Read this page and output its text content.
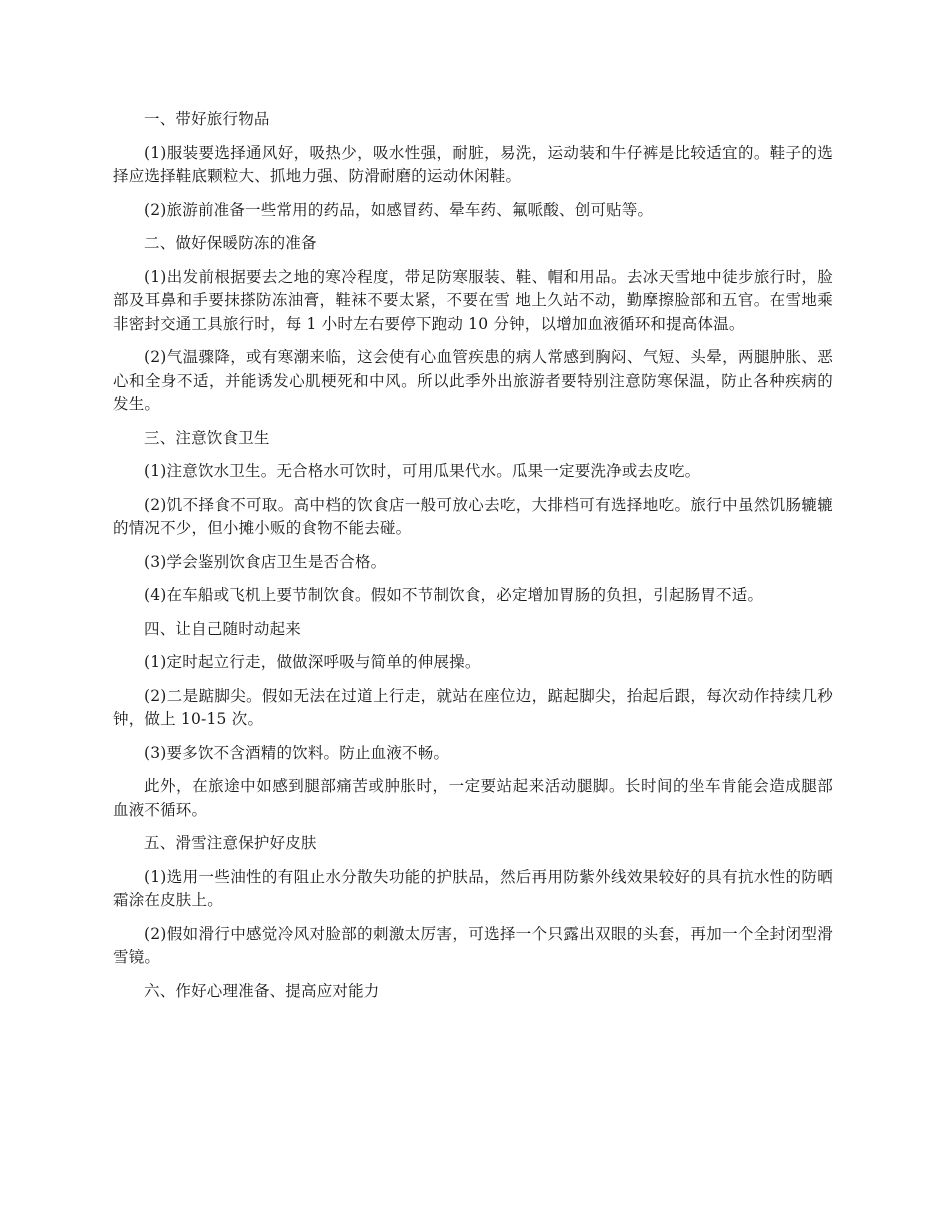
一、带好旅行物品

(1)服装要选择通风好，吸热少，吸水性强，耐脏，易洗，运动装和牛仔裤是比较适宜的。鞋子的选择应选择鞋底颗粒大、抓地力强、防滑耐磨的运动休闲鞋。

(2)旅游前准备一些常用的药品，如感冒药、晕车药、氟哌酸、创可贴等。

二、做好保暖防冻的准备

(1)出发前根据要去之地的寒冷程度，带足防寒服装、鞋、帽和用品。去冰天雪地中徒步旅行时，脸部及耳鼻和手要抹搽防冻油膏，鞋袜不要太紧，不要在雪 地上久站不动，勤摩擦脸部和五官。在雪地乘非密封交通工具旅行时，每 1 小时左右要停下跑动 10 分钟，以增加血液循环和提高体温。

(2)气温骤降，或有寒潮来临，这会使有心血管疾患的病人常感到胸闷、气短、头晕，两腿肿胀、恶心和全身不适，并能诱发心肌梗死和中风。所以此季外出旅游者要特别注意防寒保温，防止各种疾病的发生。

三、注意饮食卫生

(1)注意饮水卫生。无合格水可饮时，可用瓜果代水。瓜果一定要洗净或去皮吃。

(2)饥不择食不可取。高中档的饮食店一般可放心去吃，大排档可有选择地吃。旅行中虽然饥肠辘辘的情况不少，但小摊小贩的食物不能去碰。

(3)学会鉴别饮食店卫生是否合格。

(4)在车船或飞机上要节制饮食。假如不节制饮食，必定增加胃肠的负担，引起肠胃不适。

四、让自己随时动起来

(1)定时起立行走，做做深呼吸与简单的伸展操。

(2)二是踮脚尖。假如无法在过道上行走，就站在座位边，踮起脚尖，抬起后跟，每次动作持续几秒钟，做上 10-15 次。

(3)要多饮不含酒精的饮料。防止血液不畅。

此外，在旅途中如感到腿部痛苦或肿胀时，一定要站起来活动腿脚。长时间的坐车肯能会造成腿部血液不循环。

五、滑雪注意保护好皮肤

(1)选用一些油性的有阻止水分散失功能的护肤品，然后再用防紫外线效果较好的具有抗水性的防晒霜涂在皮肤上。

(2)假如滑行中感觉冷风对脸部的刺激太厉害，可选择一个只露出双眼的头套，再加一个全封闭型滑雪镜。

六、作好心理准备、提高应对能力
